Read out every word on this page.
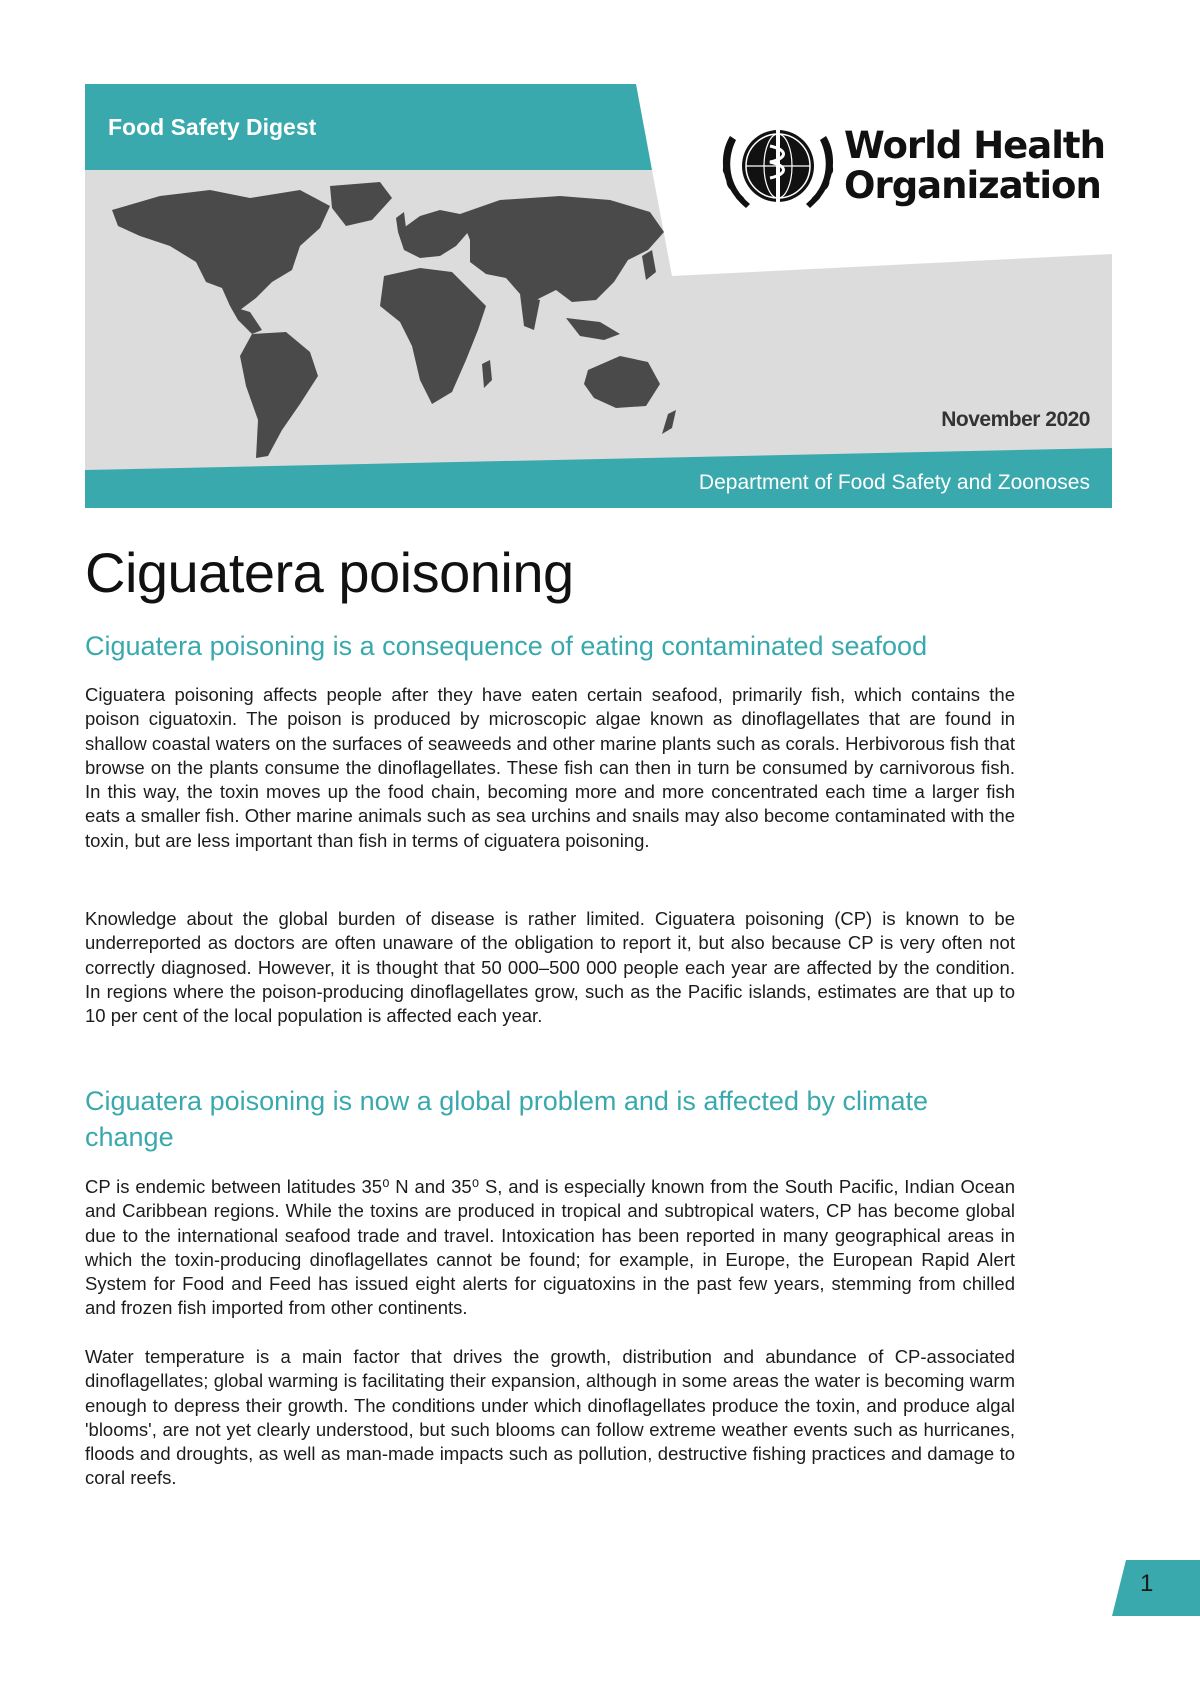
Food Safety Digest	World Health
Organization
November 2020
Department of Food Safety and Zoonoses
Ciguatera poisoning
Ciguatera poisoning is a consequence of eating contaminated seafood

Ciguatera poisoning affects people after they have eaten certain seafood, primarily fish, which contains the poison ciguatoxin. The poison is produced by microscopic algae known as dinoflagellates that are found in shallow coastal waters on the surfaces of seaweeds and other marine plants such as corals. Herbivorous fish that browse on the plants consume the dinoflagellates. These fish can then in turn be consumed by carnivorous fish. In this way, the toxin moves up the food chain, becoming more and more concentrated each time a larger fish eats a smaller fish. Other marine animals such as sea urchins and snails may also become contaminated with the toxin, but are less important than fish in terms of ciguatera poisoning.

Knowledge about the global burden of disease is rather limited. Ciguatera poisoning (CP) is known to be underreported as doctors are often unaware of the obligation to report it, but also because CP is very often not correctly diagnosed. However, it is thought that 50 000–500 000 people each year are affected by the condition. In regions where the poison-producing dinoflagellates grow, such as the Pacific islands, estimates are that up to 10 per cent of the local population is affected each year.

Ciguatera poisoning is now a global problem and is affected by climate change

CP is endemic between latitudes 35⁰ N and 35⁰ S, and is especially known from the South Pacific, Indian Ocean and Caribbean regions. While the toxins are produced in tropical and subtropical waters, CP has become global due to the international seafood trade and travel. Intoxication has been reported in many geographical areas in which the toxin-producing dinoflagellates cannot be found; for example, in Europe, the European Rapid Alert System for Food and Feed has issued eight alerts for ciguatoxins in the past few years, stemming from chilled and frozen fish imported from other continents.

Water temperature is a main factor that drives the growth, distribution and abundance of CP-associated dinoflagellates; global warming is facilitating their expansion, although in some areas the water is becoming warm enough to depress their growth. The conditions under which dinoflagellates produce the toxin, and produce algal 'blooms', are not yet clearly understood, but such blooms can follow extreme weather events such as hurricanes, floods and droughts, as well as man-made impacts such as pollution, destructive fishing practices and damage to coral reefs.

1
